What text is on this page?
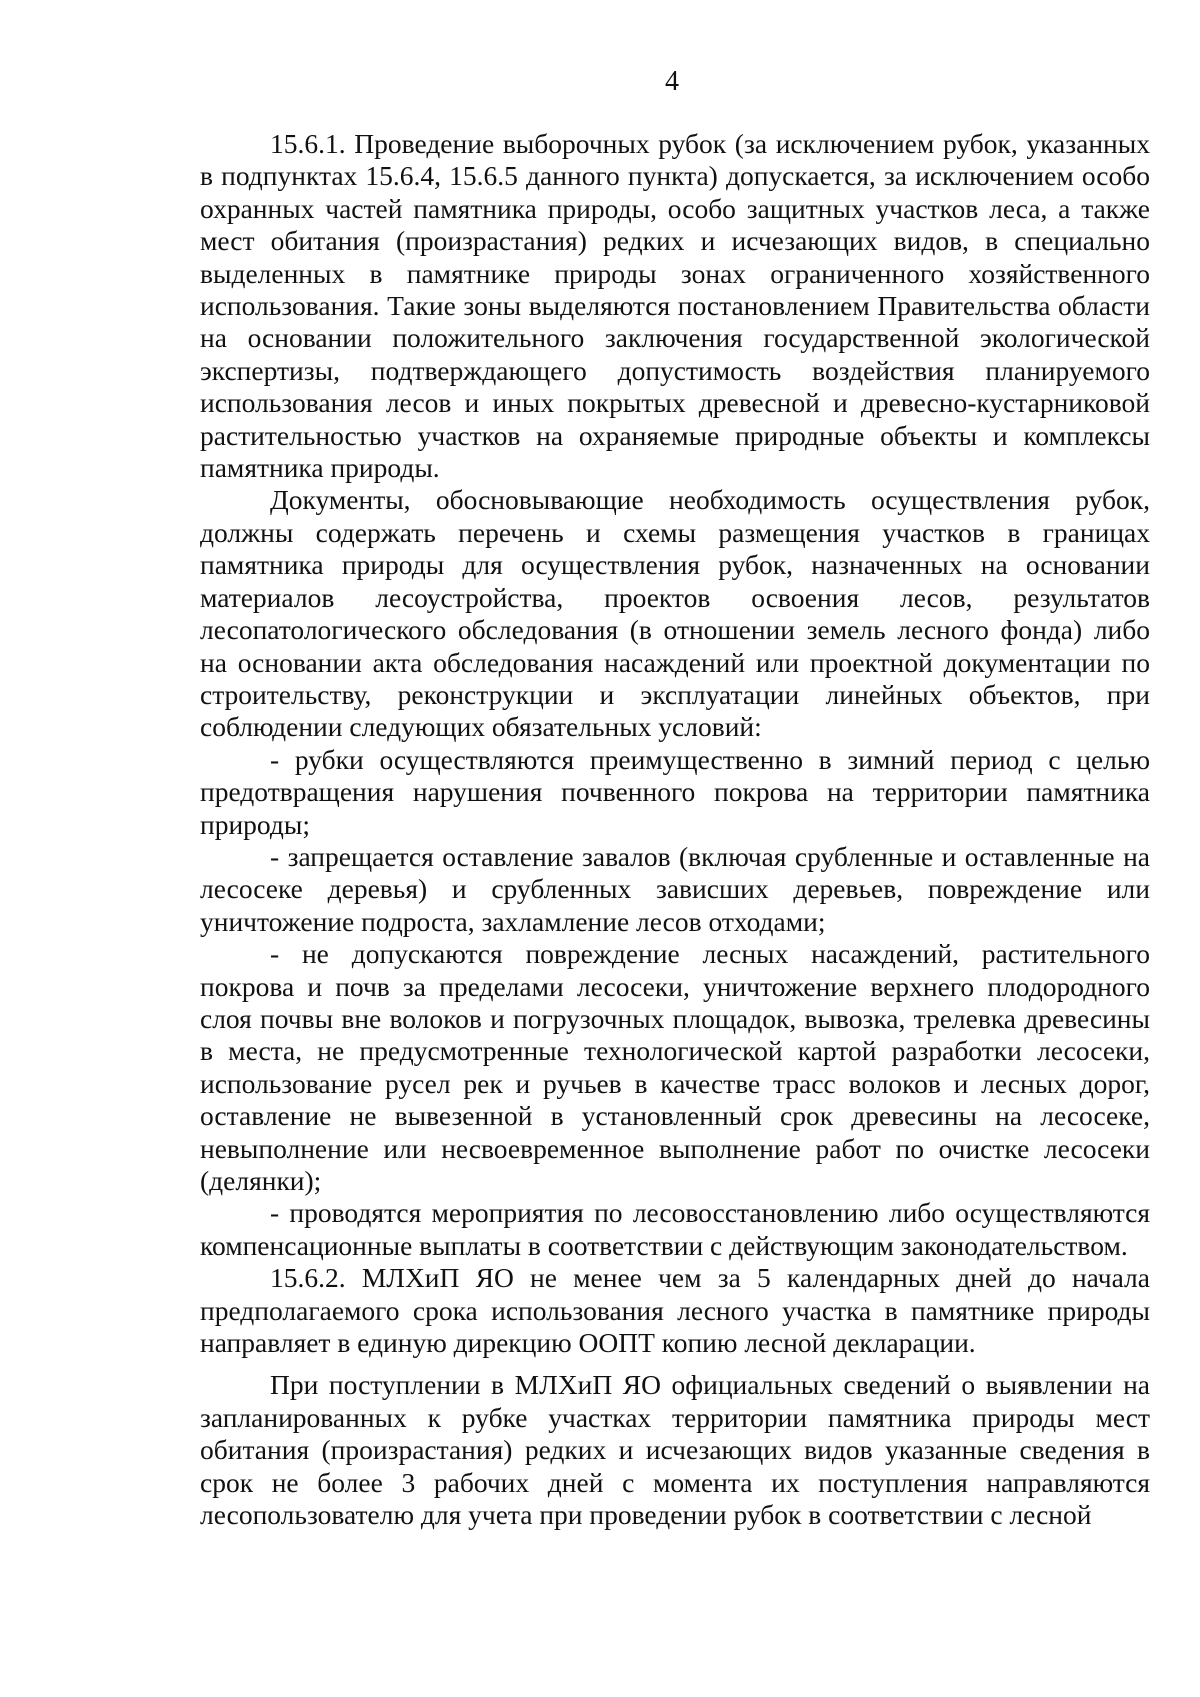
4

15.6.1. Проведение выборочных рубок (за исключением рубок, указанных в подпунктах 15.6.4, 15.6.5 данного пункта) допускается, за исключением особо охранных частей памятника природы, особо защитных участков леса, а также мест обитания (произрастания) редких и исчезающих видов, в специально выделенных в памятнике природы зонах ограниченного хозяйственного использования. Такие зоны выделяются постановлением Правительства области на основании положительного заключения государственной экологической экспертизы, подтверждающего допустимость воздействия планируемого использования лесов и иных покрытых древесной и древесно-кустарниковой растительностью участков на охраняемые природные объекты и комплексы памятника природы.

Документы, обосновывающие необходимость осуществления рубок, должны содержать перечень и схемы размещения участков в границах памятника природы для осуществления рубок, назначенных на основании материалов лесоустройства, проектов освоения лесов, результатов лесопатологического обследования (в отношении земель лесного фонда) либо на основании акта обследования насаждений или проектной документации по строительству, реконструкции и эксплуатации линейных объектов, при соблюдении следующих обязательных условий:

- рубки осуществляются преимущественно в зимний период с целью предотвращения нарушения почвенного покрова на территории памятника природы;

- запрещается оставление завалов (включая срубленные и оставленные на лесосеке деревья) и срубленных зависших деревьев, повреждение или уничтожение подроста, захламление лесов отходами;

- не допускаются повреждение лесных насаждений, растительного покрова и почв за пределами лесосеки, уничтожение верхнего плодородного слоя почвы вне волоков и погрузочных площадок, вывозка, трелевка древесины в места, не предусмотренные технологической картой разработки лесосеки, использование русел рек и ручьев в качестве трасс волоков и лесных дорог, оставление не вывезенной в установленный срок древесины на лесосеке, невыполнение или несвоевременное выполнение работ по очистке лесосеки (делянки);

- проводятся мероприятия по лесовосстановлению либо осуществляются компенсационные выплаты в соответствии с действующим законодательством.

15.6.2. МЛХиП ЯО не менее чем за 5 календарных дней до начала предполагаемого срока использования лесного участка в памятнике природы направляет в единую дирекцию ООПТ копию лесной декларации.

При поступлении в МЛХиП ЯО официальных сведений о выявлении на запланированных к рубке участках территории памятника природы мест обитания (произрастания) редких и исчезающих видов указанные сведения в срок не более 3 рабочих дней с момента их поступления направляются лесопользователю для учета при проведении рубок в соответствии с лесной
